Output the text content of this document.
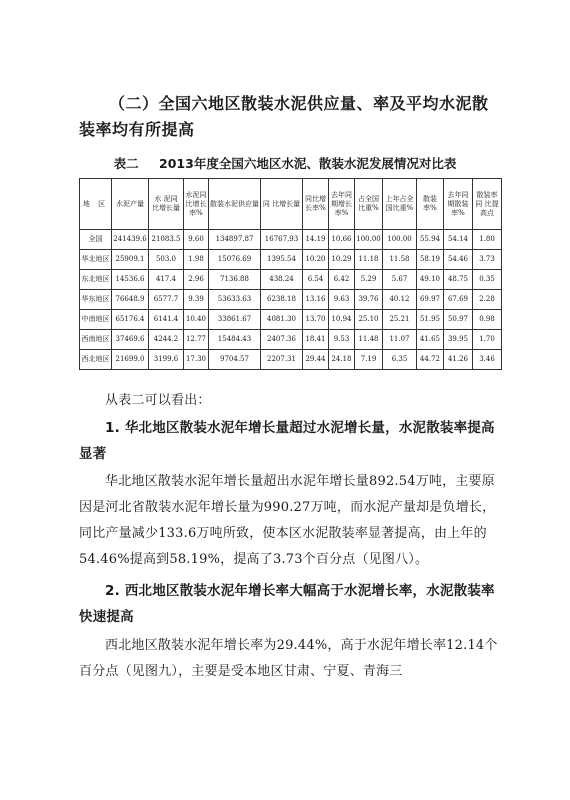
（二）全国六地区散装水泥供应量、率及平均水泥散装率均有所提高
表二 2013年度全国六地区水泥、散装水泥发展情况对比表
地 区	水泥产量	水 泥同 比增长量	水泥同比增长率%	散装水泥供应量	同 比增长量	同比增长率%	去年同期增长率%	占全国比重%	上年占全国比重%	散装率%	去年同期散装率%	散装率同 比提高点
全国	241439.6	21083.5	9.60	134897.87	16767.93	14.19	10.66	100.00	100.00	55.94	54.14	1.80
华北地区	25909.1	503.0	1.98	15076.69	1395.54	10.20	10.29	11.18	11.58	58.19	54.46	3.73
东北地区	14536.6	417.4	2.96	7136.88	438.24	6.54	6.42	5.29	5.67	49.10	48.75	0.35
华东地区	76648.9	6577.7	9.39	53633.63	6238.18	13.16	9.63	39.76	40.12	69.97	67.69	2.28
中南地区	65176.4	6141.4	10.40	33861.67	4081.30	13.70	10.94	25.10	25.21	51.95	50.97	0.98
西南地区	37469.6	4244.2	12.77	15484.43	2407.36	18.41	9.53	11.48	11.07	41.65	39.95	1.70
西北地区	21699.0	3199.6	17.30	9704.57	2207.31	29.44	24.18	7.19	6.35	44.72	41.26	3.46
从表二可以看出：
1. 华北地区散装水泥年增长量超过水泥增长量，水泥散装率提高显著
华北地区散装水泥年增长量超出水泥年增长量892.54万吨，主要原因是河北省散装水泥年增长量为990.27万吨，而水泥产量却是负增长，同比产量减少133.6万吨所致，使本区水泥散装率显著提高，由上年的54.46%提高到58.19%，提高了3.73个百分点（见图八）。
2. 西北地区散装水泥年增长率大幅高于水泥增长率，水泥散装率快速提高
西北地区散装水泥年增长率为29.44%，高于水泥年增长率12.14个百分点（见图九），主要是受本地区甘肃、宁夏、青海三
